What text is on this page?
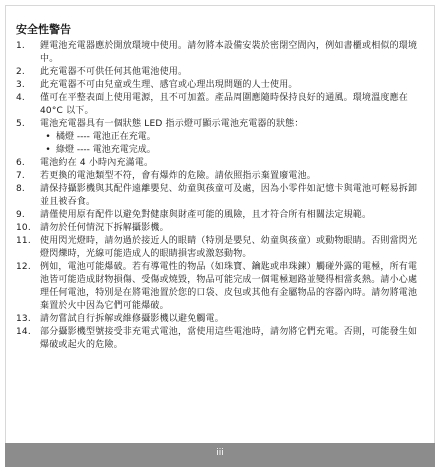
安全性警告
1.	鋰電池充電器應於開放環境中使用。請勿將本設備安裝於密閉空間內，例如書櫃或相似的環境中。
2.	此充電器不可供任何其他電池使用。
3.	此充電器不可由兒童或生理、感官或心理出現問題的人士使用。
4.	僅可在平整表面上使用電源，且不可加蓋。產品周圍應隨時保持良好的通風。環境溫度應在 40°C 以下。
5.	電池充電器具有一個狀態 LED 指示燈可顯示電池充電器的狀態：
• 橘燈 ---- 電池正在充電。
• 綠燈 ---- 電池充電完成。
6.	電池約在 4 小時內充滿電。
7.	若更換的電池類型不符，會有爆炸的危險。請依照指示棄置廢電池。
8.	請保持攝影機與其配件遠離嬰兒、幼童與孩童可及處，因為小零件如記憶卡與電池可輕易拆卸並且被吞食。
9.	請僅使用原有配件以避免對健康與財產可能的風險，且才符合所有相關法定規範。
10.	請勿於任何情況下拆解攝影機。
11.	使用閃光燈時，請勿過於接近人的眼睛（特別是嬰兒、幼童與孩童）或動物眼睛。否則當閃光燈閃爍時，光線可能造成人的眼睛損害或激怒動物。
12.	例如，電池可能爆破。若有導電性的物品（如珠寶、鑰匙或串珠鍊）觸碰外露的電極，所有電池皆可能造成財物損傷、受傷或燒毀，物品可能完成一個電極迴路並變得相當炙熱。請小心處理任何電池，特別是在將電池置於您的口袋、皮包或其他有金屬物品的容器內時。請勿將電池棄置於火中因為它們可能爆破。
13.	請勿嘗試自行拆解或維修攝影機以避免觸電。
14.	部分攝影機型號接受非充電式電池，當使用這些電池時，請勿將它們充電。否則，可能發生如爆破或起火的危險。
iii
